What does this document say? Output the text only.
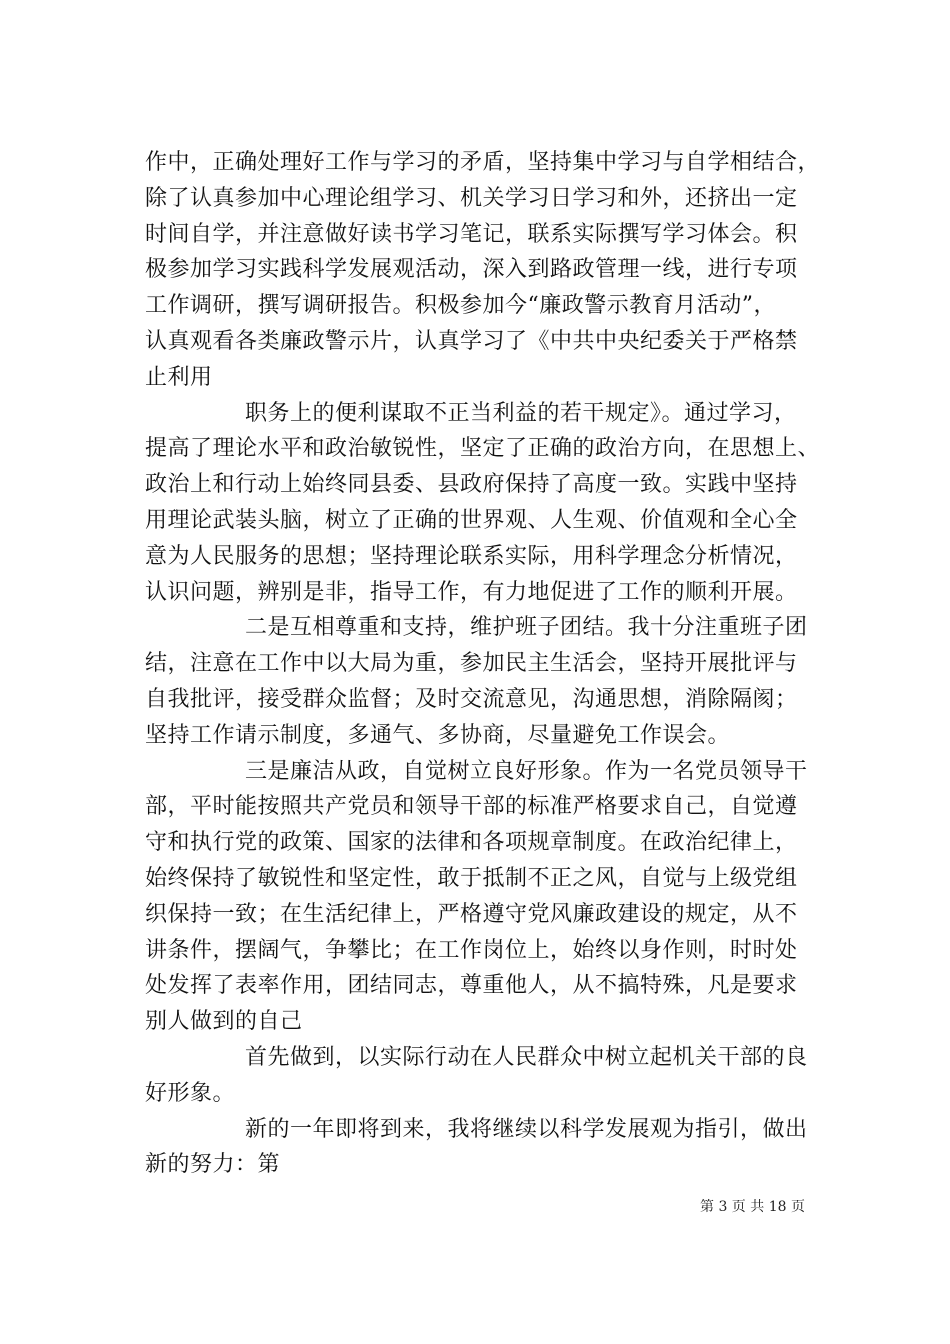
作中，正确处理好工作与学习的矛盾，坚持集中学习与自学相结合，
除了认真参加中心理论组学习、机关学习日学习和外，还挤出一定
时间自学，并注意做好读书学习笔记，联系实际撰写学习体会。积
极参加学习实践科学发展观活动，深入到路政管理一线，进行专项
工作调研，撰写调研报告。积极参加今“廉政警示教育月活动”，
认真观看各类廉政警示片，认真学习了《中共中央纪委关于严格禁
止利用
职务上的便利谋取不正当利益的若干规定》。通过学习，
提高了理论水平和政治敏锐性，坚定了正确的政治方向，在思想上、
政治上和行动上始终同县委、县政府保持了高度一致。实践中坚持
用理论武装头脑，树立了正确的世界观、人生观、价值观和全心全
意为人民服务的思想；坚持理论联系实际，用科学理念分析情况，
认识问题，辨别是非，指导工作，有力地促进了工作的顺利开展。
二是互相尊重和支持，维护班子团结。我十分注重班子团
结，注意在工作中以大局为重，参加民主生活会，坚持开展批评与
自我批评，接受群众监督；及时交流意见，沟通思想，消除隔阂；
坚持工作请示制度，多通气、多协商，尽量避免工作误会。
三是廉洁从政，自觉树立良好形象。作为一名党员领导干
部，平时能按照共产党员和领导干部的标准严格要求自己，自觉遵
守和执行党的政策、国家的法律和各项规章制度。在政治纪律上，
始终保持了敏锐性和坚定性，敢于抵制不正之风，自觉与上级党组
织保持一致；在生活纪律上，严格遵守党风廉政建设的规定，从不
讲条件，摆阔气，争攀比；在工作岗位上，始终以身作则，时时处
处发挥了表率作用，团结同志，尊重他人，从不搞特殊，凡是要求
别人做到的自己
首先做到，以实际行动在人民群众中树立起机关干部的良
好形象。
新的一年即将到来，我将继续以科学发展观为指引，做出
新的努力：第
第 3 页 共 18 页
